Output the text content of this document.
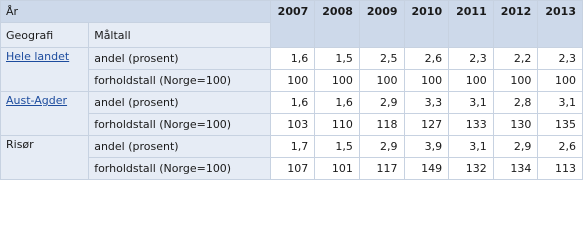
År		2007	2008	2009	2010	2011	2012	2013
Geografi	Måltall							
Hele landet	andel (prosent)	1,6	1,5	2,5	2,6	2,3	2,2	2,3
	forholdstall (Norge=100)	100	100	100	100	100	100	100
Aust-Agder	andel (prosent)	1,6	1,6	2,9	3,3	3,1	2,8	3,1
	forholdstall (Norge=100)	103	110	118	127	133	130	135
Risør	andel (prosent)	1,7	1,5	2,9	3,9	3,1	2,9	2,6
	forholdstall (Norge=100)	107	101	117	149	132	134	113
